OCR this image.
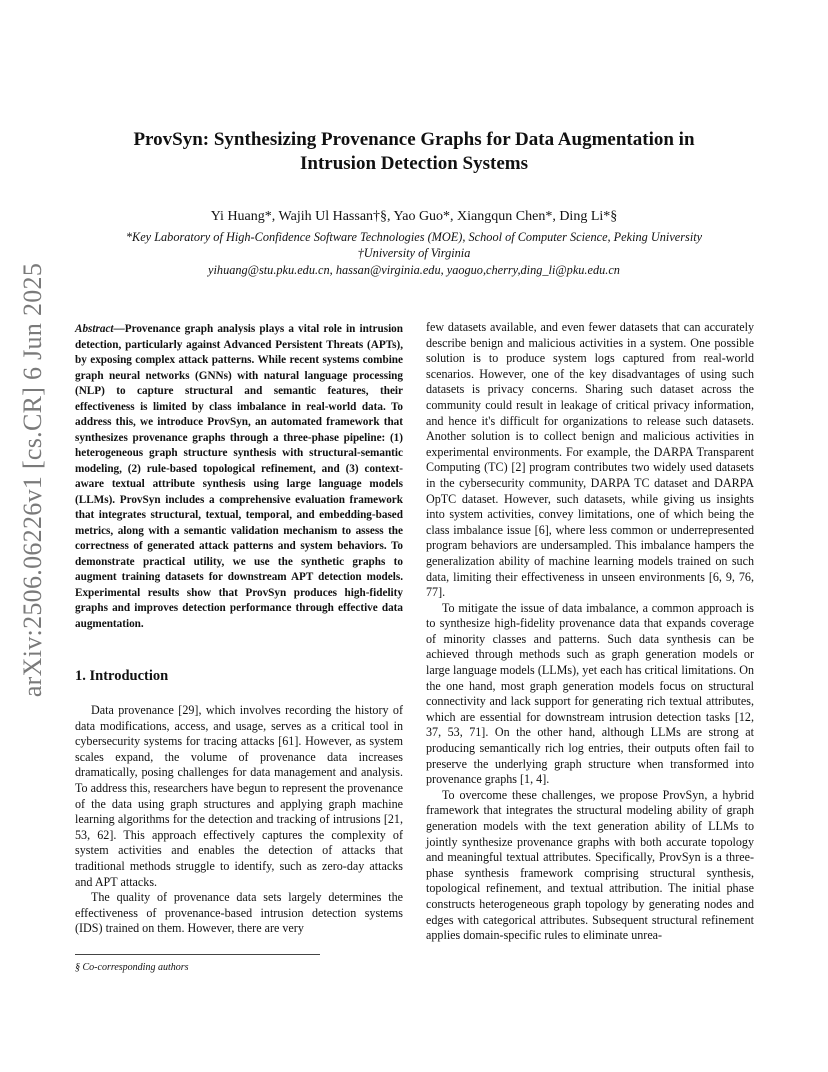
arXiv:2506.06226v1 [cs.CR] 6 Jun 2025
ProvSyn: Synthesizing Provenance Graphs for Data Augmentation in
Intrusion Detection Systems
Yi Huang*, Wajih Ul Hassan†§, Yao Guo*, Xiangqun Chen*, Ding Li*§
*Key Laboratory of High-Confidence Software Technologies (MOE), School of Computer Science, Peking University
†University of Virginia
yihuang@stu.pku.edu.cn, hassan@virginia.edu, yaoguo,cherry,ding_li@pku.edu.cn

Abstract—Provenance graph analysis plays a vital role in intrusion detection, particularly against Advanced Persistent Threats (APTs), by exposing complex attack patterns. While recent systems combine graph neural networks (GNNs) with natural language processing (NLP) to capture structural and semantic features, their effectiveness is limited by class imbalance in real-world data. To address this, we introduce ProvSyn, an automated framework that synthesizes provenance graphs through a three-phase pipeline: (1) heterogeneous graph structure synthesis with structural-semantic modeling, (2) rule-based topological refinement, and (3) context-aware textual attribute synthesis using large language models (LLMs). ProvSyn includes a comprehensive evaluation framework that integrates structural, textual, temporal, and embedding-based metrics, along with a semantic validation mechanism to assess the correctness of generated attack patterns and system behaviors. To demonstrate practical utility, we use the synthetic graphs to augment training datasets for downstream APT detection models. Experimental results show that ProvSyn produces high-fidelity graphs and improves detection performance through effective data augmentation.

1. Introduction

Data provenance [29], which involves recording the history of data modifications, access, and usage, serves as a critical tool in cybersecurity systems for tracing attacks [61]. However, as system scales expand, the volume of provenance data increases dramatically, posing challenges for data management and analysis. To address this, researchers have begun to represent the provenance of the data using graph structures and applying graph machine learning algorithms for the detection and tracking of intrusions [21, 53, 62]. This approach effectively captures the complexity of system activities and enables the detection of attacks that traditional methods struggle to identify, such as zero-day attacks and APT attacks.

The quality of provenance data sets largely determines the effectiveness of provenance-based intrusion detection systems (IDS) trained on them. However, there are very

few datasets available, and even fewer datasets that can accurately describe benign and malicious activities in a system. One possible solution is to produce system logs captured from real-world scenarios. However, one of the key disadvantages of using such datasets is privacy concerns. Sharing such dataset across the community could result in leakage of critical privacy information, and hence it's difficult for organizations to release such datasets. Another solution is to collect benign and malicious activities in experimental environments. For example, the DARPA Transparent Computing (TC) [2] program contributes two widely used datasets in the cybersecurity community, DARPA TC dataset and DARPA OpTC dataset. However, such datasets, while giving us insights into system activities, convey limitations, one of which being the class imbalance issue [6], where less common or underrepresented program behaviors are undersampled. This imbalance hampers the generalization ability of machine learning models trained on such data, limiting their effectiveness in unseen environments [6, 9, 76, 77].

To mitigate the issue of data imbalance, a common approach is to synthesize high-fidelity provenance data that expands coverage of minority classes and patterns. Such data synthesis can be achieved through methods such as graph generation models or large language models (LLMs), yet each has critical limitations. On the one hand, most graph generation models focus on structural connectivity and lack support for generating rich textual attributes, which are essential for downstream intrusion detection tasks [12, 37, 53, 71]. On the other hand, although LLMs are strong at producing semantically rich log entries, their outputs often fail to preserve the underlying graph structure when transformed into provenance graphs [1, 4].

To overcome these challenges, we propose ProvSyn, a hybrid framework that integrates the structural modeling ability of graph generation models with the text generation ability of LLMs to jointly synthesize provenance graphs with both accurate topology and meaningful textual attributes. Specifically, ProvSyn is a three-phase synthesis framework comprising structural synthesis, topological refinement, and textual attribution. The initial phase constructs heterogeneous graph topology by generating nodes and edges with categorical attributes. Subsequent structural refinement applies domain-specific rules to eliminate unrea-

§ Co-corresponding authors
